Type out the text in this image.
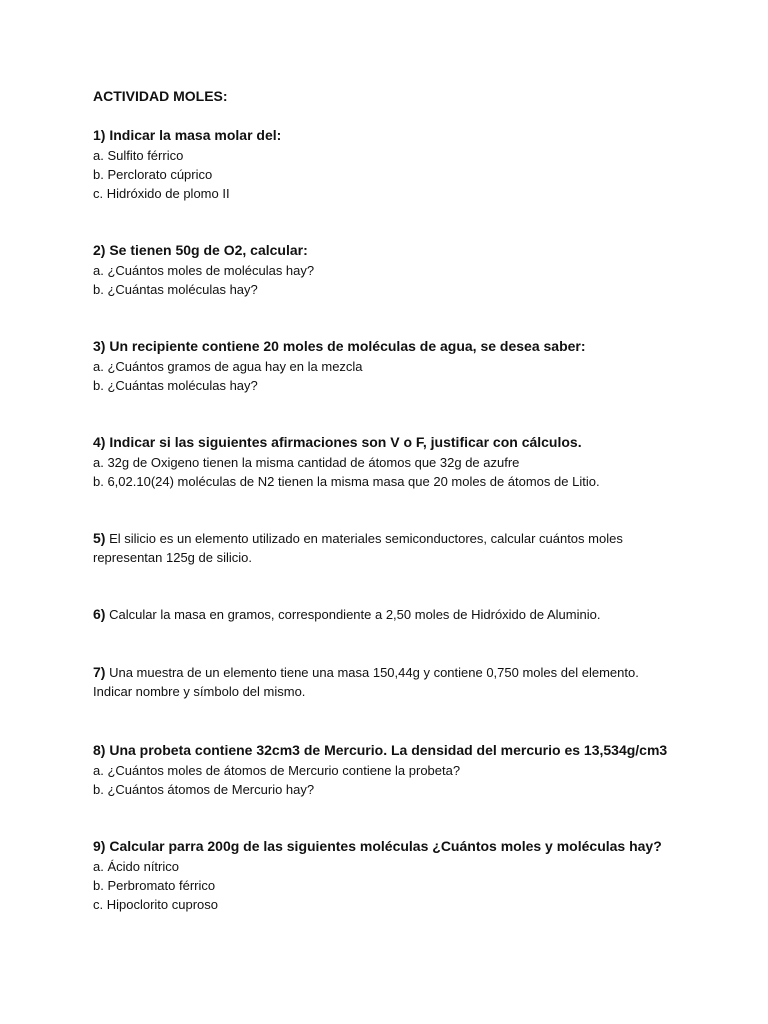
ACTIVIDAD MOLES:
1) Indicar la masa molar del:
a. Sulfito férrico
b. Perclorato cúprico
c. Hidróxido de plomo II
2) Se tienen 50g de O2, calcular:
a. ¿Cuántos moles de moléculas hay?
b. ¿Cuántas moléculas hay?
3) Un recipiente contiene 20 moles de moléculas de agua, se desea saber:
a. ¿Cuántos gramos de agua hay en la mezcla
b. ¿Cuántas moléculas hay?
4) Indicar si las siguientes afirmaciones son V o F, justificar con cálculos.
a. 32g de Oxigeno tienen la misma cantidad de átomos que 32g de azufre
b. 6,02.10(24) moléculas de N2 tienen la misma masa que 20 moles de átomos de Litio.
5) El silicio es un elemento utilizado en materiales semiconductores, calcular cuántos moles representan 125g de silicio.
6) Calcular la masa en gramos, correspondiente a 2,50 moles de Hidróxido de Aluminio.
7) Una muestra de un elemento tiene una masa 150,44g y contiene 0,750 moles del elemento. Indicar nombre y símbolo del mismo.
8) Una probeta contiene 32cm3 de Mercurio. La densidad del mercurio es 13,534g/cm3
a. ¿Cuántos moles de átomos de Mercurio contiene la probeta?
b. ¿Cuántos átomos de Mercurio hay?
9) Calcular parra 200g de las siguientes moléculas ¿Cuántos moles y moléculas hay?
a. Ácido nítrico
b. Perbromato férrico
c. Hipoclorito cuproso
